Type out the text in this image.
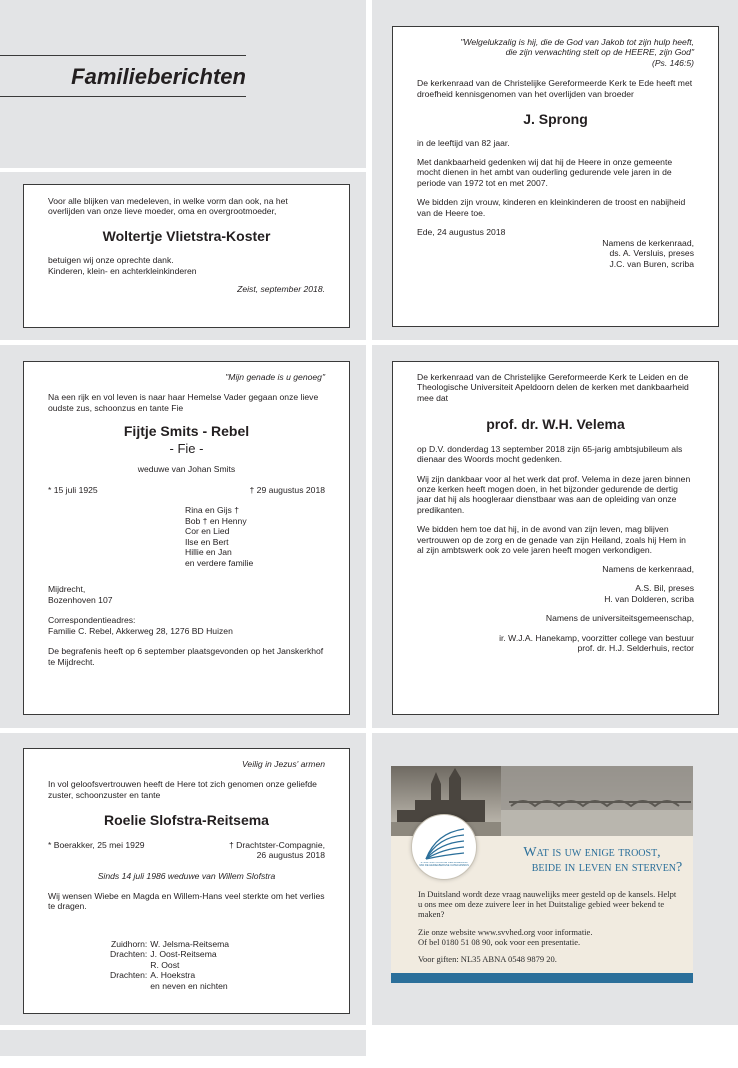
Familieberichten

Voor alle blijken van medeleven, in welke vorm dan ook, na het overlijden van onze lieve moeder, oma en overgrootmoeder,

Woltertje Vlietstra-Koster

betuigen wij onze oprechte dank.

Kinderen, klein- en achterkleinkinderen

Zeist, september 2018.

"Welgelukzalig is hij, die de God van Jakob tot zijn hulp heeft,

die zijn verwachting stelt op de HEERE, zijn God"

(Ps. 146:5)

De kerkenraad van de Christelijke Gereformeerde Kerk te Ede heeft met droefheid kennisgenomen van het overlijden van broeder

J. Sprong

in de leeftijd van 82 jaar.

Met dankbaarheid gedenken wij dat hij de Heere in onze gemeente mocht dienen in het ambt van ouderling gedurende vele jaren in de periode van 1972 tot en met 2007.

We bidden zijn vrouw, kinderen en kleinkinderen de troost en nabijheid van de Heere toe.

Ede, 24 augustus 2018

Namens de kerkenraad,

ds. A. Versluis, preses

J.C. van Buren, scriba

"Mijn genade is u genoeg"

Na een rijk en vol leven is naar haar Hemelse Vader gegaan onze lieve oudste zus, schoonzus en tante Fie

Fijtje Smits - Rebel

- Fie -

weduwe van Johan Smits

* 15 juli 1925	† 29 augustus 2018
Rina en Gijs †
Bob † en Henny
Cor en Lied
Ilse en Bert
Hillie en Jan
en verdere familie

Mijdrecht,

Bozenhoven 107

Correspondentieadres:

Familie C. Rebel, Akkerweg 28, 1276 BD Huizen

De begrafenis heeft op 6 september plaatsgevonden op het Janskerkhof te Mijdrecht.

De kerkenraad van de Christelijke Gereformeerde Kerk te Leiden en de Theologische Universiteit Apeldoorn delen de kerken met dankbaarheid mee dat

prof. dr. W.H. Velema

op D.V. donderdag 13 september 2018 zijn 65-jarig ambtsjubileum als dienaar des Woords mocht gedenken.

Wij zijn dankbaar voor al het werk dat prof. Velema in deze jaren binnen onze kerken heeft mogen doen, in het bijzonder gedurende de dertig jaar dat hij als hoogleraar dienstbaar was aan de opleiding van onze predikanten.

We bidden hem toe dat hij, in de avond van zijn leven, mag blijven vertrouwen op de zorg en de genade van zijn Heiland, zoals hij Hem in al zijn ambtswerk ook zo vele jaren heeft mogen verkondigen.

Namens de kerkenraad,

A.S. Bil, preses

H. van Dolderen, scriba

Namens de universiteitsgemeenschap,

ir. W.J.A. Hanekamp, voorzitter college van bestuur

prof. dr. H.J. Selderhuis, rector

Veilig in Jezus' armen

In vol geloofsvertrouwen heeft de Here tot zich genomen onze geliefde zuster, schoonzuster en tante

Roelie Slofstra-Reitsema

* Boerakker, 25 mei 1929	† Drachtster-Compagnie,
26 augustus 2018

Sinds 14 juli 1986 weduwe van Willem Slofstra

Wij wensen Wiebe en Magda en Willem-Hans veel sterkte om het verlies te dragen.

Zuidhorn:	W. Jelsma-Reitsema
Drachten:	J. Oost-Reitsema
	R. Oost
Drachten:	A. Hoekstra
	en neven en nichten
STICHTING VOOR DE VERSPREIDING VAN DE HEIDELBERGSE CATECHISMUS
Wat is uw enige troost,
beide in leven en sterven?

In Duitsland wordt deze vraag nauwelijks meer gesteld op de kansels. Helpt u ons mee om deze zuivere leer in het Duitstalige gebied weer bekend te maken?

Zie onze website www.svvhed.org voor informatie.

Of bel 0180 51 08 90, ook voor een presentatie.

Voor giften: NL35 ABNA 0548 9879 20.
